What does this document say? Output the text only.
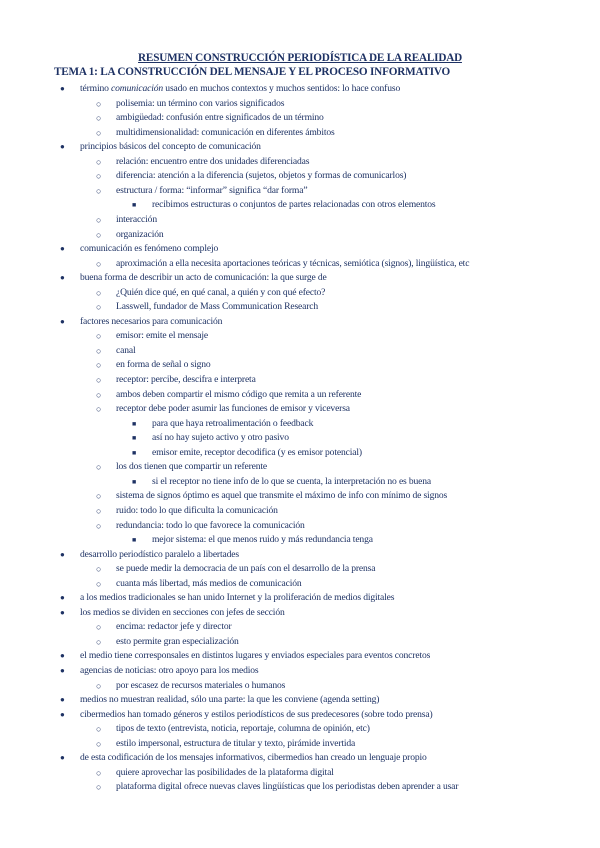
RESUMEN CONSTRUCCIÓN PERIODÍSTICA DE LA REALIDAD
TEMA 1: LA CONSTRUCCIÓN DEL MENSAJE Y EL PROCESO INFORMATIVO
● término comunicación usado en muchos contextos y muchos sentidos: lo hace confuso
○ polisemia: un término con varios significados
○ ambigüedad: confusión entre significados de un término
○ multidimensionalidad: comunicación en diferentes ámbitos
● principios básicos del concepto de comunicación
○ relación: encuentro entre dos unidades diferenciadas
○ diferencia: atención a la diferencia (sujetos, objetos y formas de comunicarlos)
○ estructura / forma: “informar” significa “dar forma”
■ recibimos estructuras o conjuntos de partes relacionadas con otros elementos
○ interacción
○ organización
● comunicación es fenómeno complejo
○ aproximación a ella necesita aportaciones teóricas y técnicas, semiótica (signos), lingüística, etc
● buena forma de describir un acto de comunicación: la que surge de
○ ¿Quién dice qué, en qué canal, a quién y con qué efecto?
○ Lasswell, fundador de Mass Communication Research
● factores necesarios para comunicación
○ emisor: emite el mensaje
○ canal
○ en forma de señal o signo
○ receptor: percibe, descifra e interpreta
○ ambos deben compartir el mismo código que remita a un referente
○ receptor debe poder asumir las funciones de emisor y viceversa
■ para que haya retroalimentación o feedback
■ así no hay sujeto activo y otro pasivo
■ emisor emite, receptor decodifica (y es emisor potencial)
○ los dos tienen que compartir un referente
■ si el receptor no tiene info de lo que se cuenta, la interpretación no es buena
○ sistema de signos óptimo es aquel que transmite el máximo de info con mínimo de signos
○ ruido: todo lo que dificulta la comunicación
○ redundancia: todo lo que favorece la comunicación
■ mejor sistema: el que menos ruido y más redundancia tenga
● desarrollo periodístico paralelo a libertades
○ se puede medir la democracia de un país con el desarrollo de la prensa
○ cuanta más libertad, más medios de comunicación
● a los medios tradicionales se han unido Internet y la proliferación de medios digitales
● los medios se dividen en secciones con jefes de sección
○ encima: redactor jefe y director
○ esto permite gran especialización
● el medio tiene corresponsales en distintos lugares y enviados especiales para eventos concretos
● agencias de noticias: otro apoyo para los medios
○ por escasez de recursos materiales o humanos
● medios no muestran realidad, sólo una parte: la que les conviene (agenda setting)
● cibermedios han tomado géneros y estilos periodísticos de sus predecesores (sobre todo prensa)
○ tipos de texto (entrevista, noticia, reportaje, columna de opinión, etc)
○ estilo impersonal, estructura de titular y texto, pirámide invertida
● de esta codificación de los mensajes informativos, cibermedios han creado un lenguaje propio
○ quiere aprovechar las posibilidades de la plataforma digital
○ plataforma digital ofrece nuevas claves lingüísticas que los periodistas deben aprender a usar
